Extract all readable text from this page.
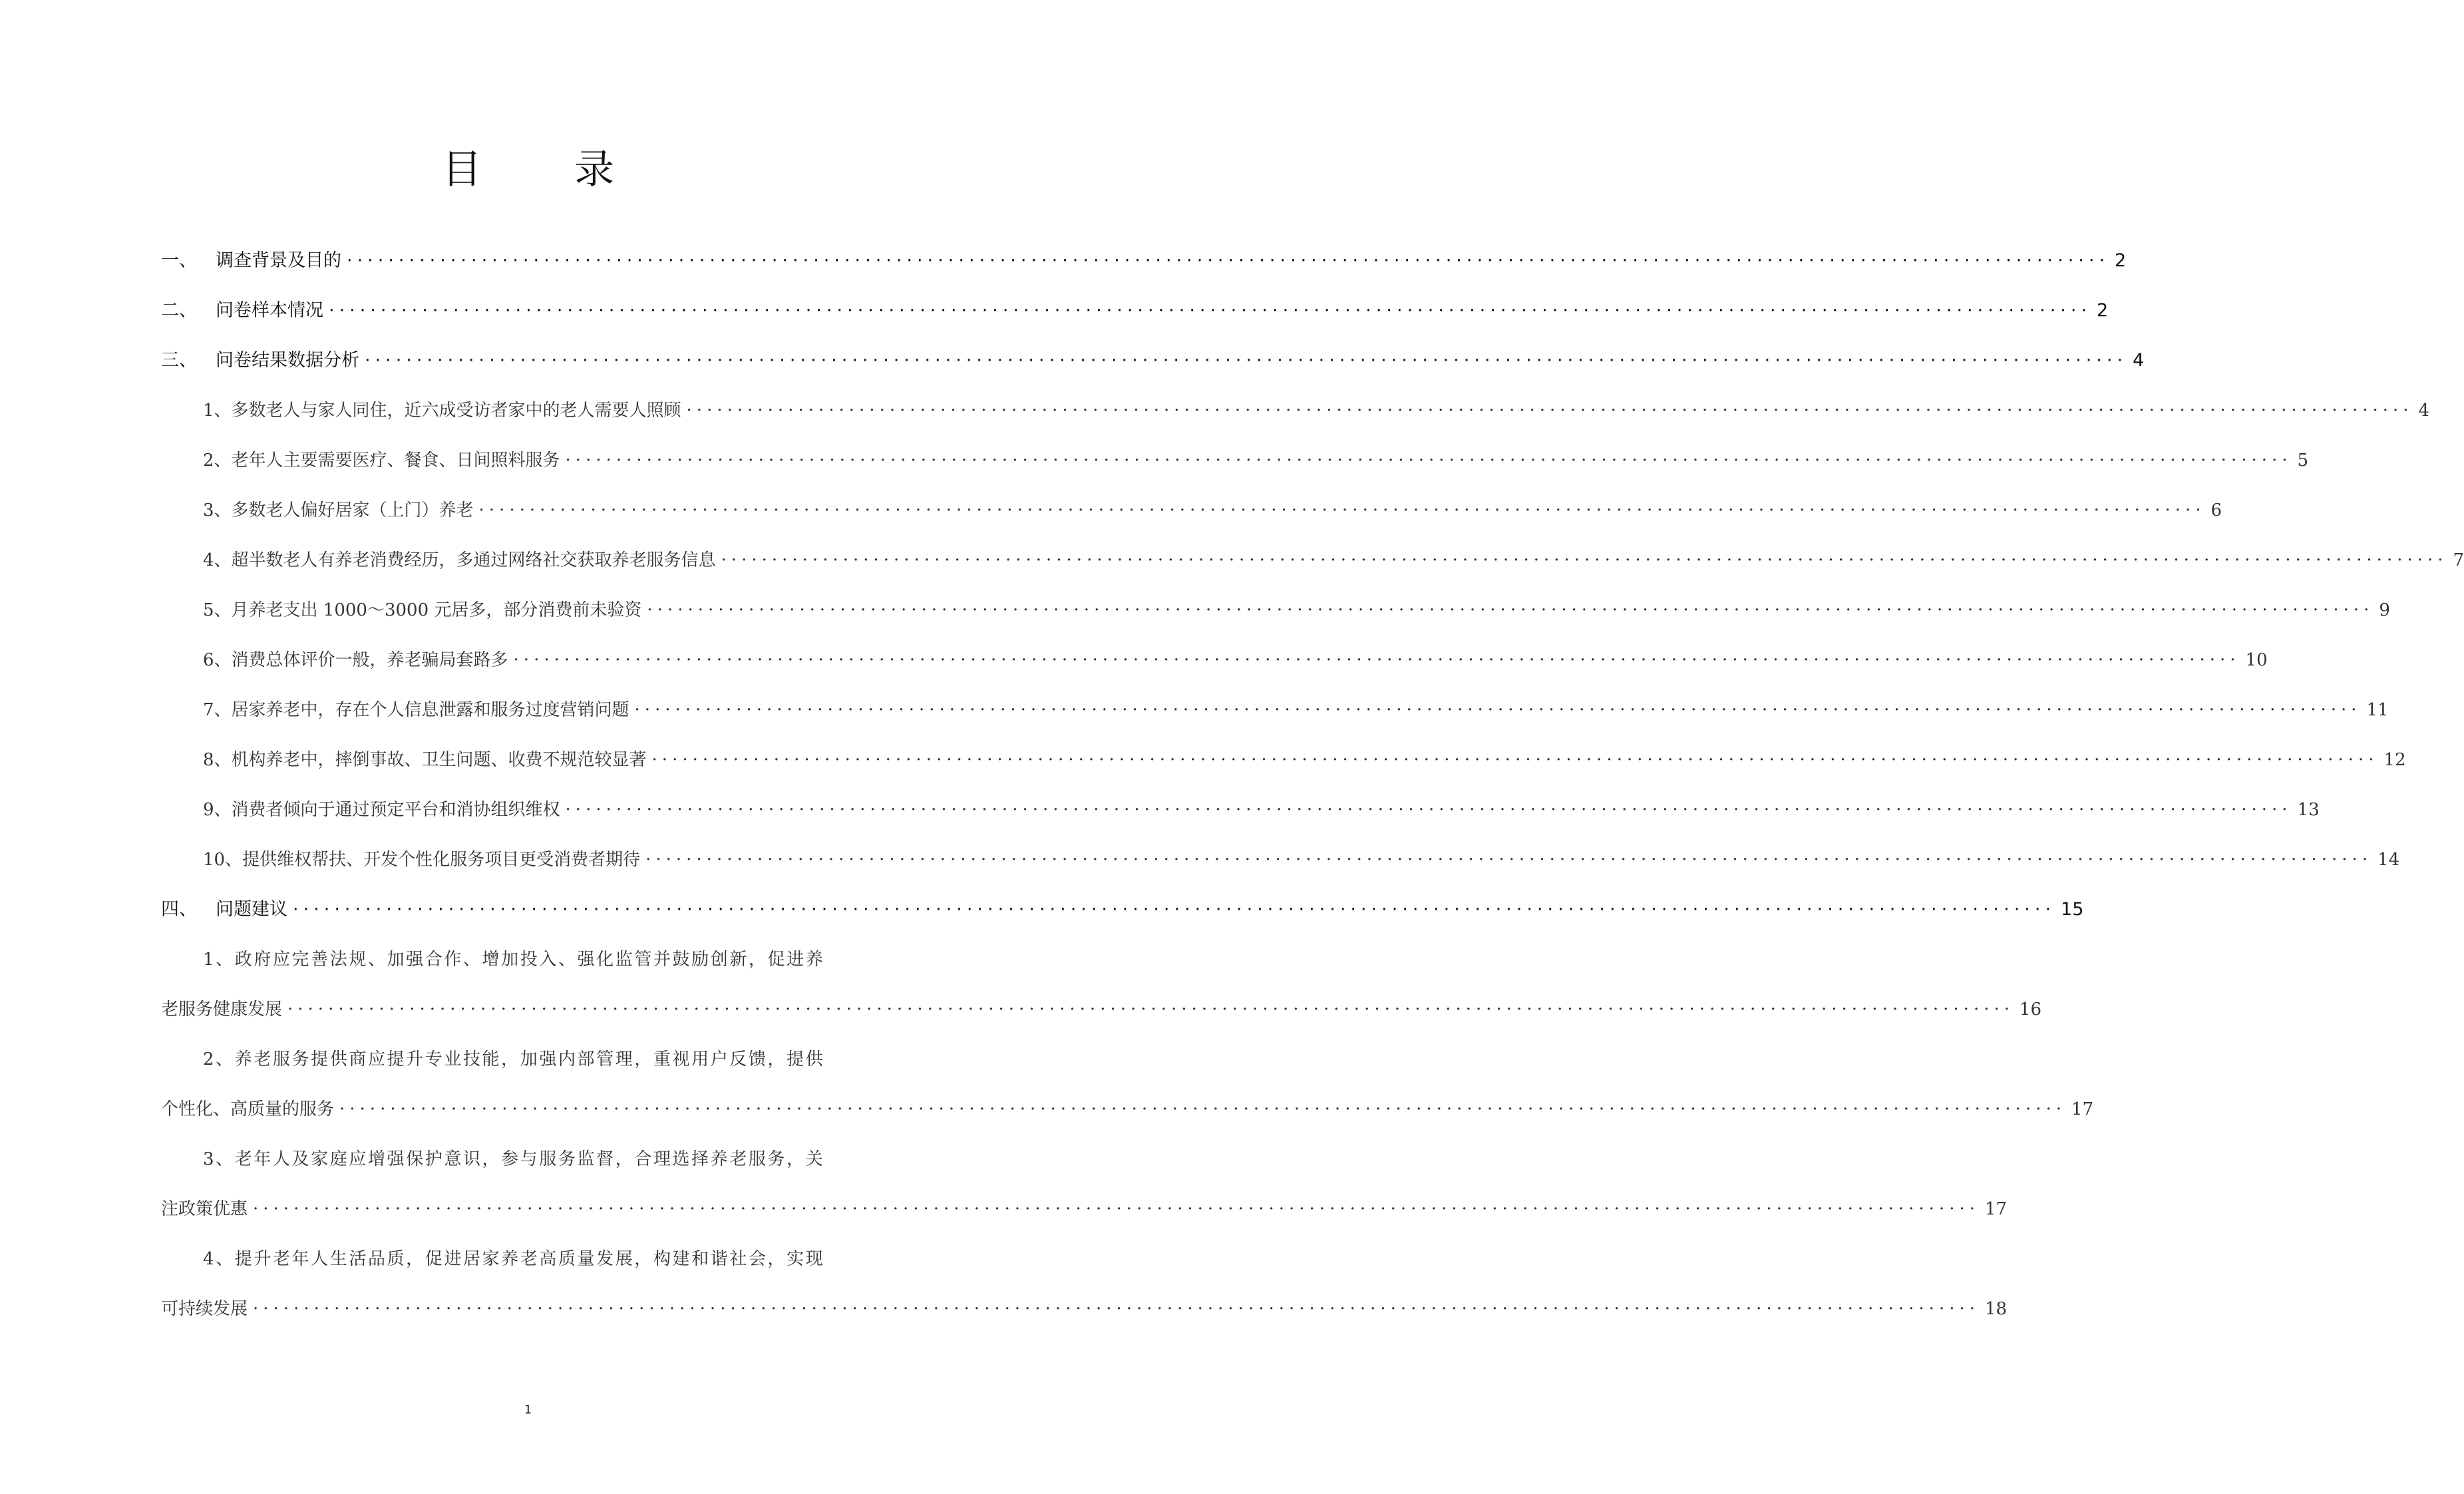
目 录
一、 调查背景及目的 ·········································································································································································· 2
二、 问卷样本情况 ·········································································································································································· 2
三、 问卷结果数据分析 ·········································································································································································· 4
1、多数老人与家人同住，近六成受访者家中的老人需要人照顾 ·········································································································································································· 4
2、老年人主要需要医疗、餐食、日间照料服务 ·········································································································································································· 5
3、多数老人偏好居家（上门）养老 ·········································································································································································· 6
4、超半数老人有养老消费经历，多通过网络社交获取养老服务信息 ·········································································································································································· 7
5、月养老支出 1000～3000 元居多，部分消费前未验资 ·········································································································································································· 9
6、消费总体评价一般，养老骗局套路多 ·········································································································································································· 10
7、居家养老中，存在个人信息泄露和服务过度营销问题 ·········································································································································································· 11
8、机构养老中，摔倒事故、卫生问题、收费不规范较显著 ·········································································································································································· 12
9、消费者倾向于通过预定平台和消协组织维权 ·········································································································································································· 13
10、提供维权帮扶、开发个性化服务项目更受消费者期待 ·········································································································································································· 14
四、 问题建议 ·········································································································································································· 15
1、政府应完善法规、加强合作、增加投入、强化监管并鼓励创新，促进养
老服务健康发展 ·········································································································································································· 16
2、养老服务提供商应提升专业技能，加强内部管理，重视用户反馈，提供
个性化、高质量的服务 ·········································································································································································· 17
3、老年人及家庭应增强保护意识，参与服务监督，合理选择养老服务，关
注政策优惠 ·········································································································································································· 17
4、提升老年人生活品质，促进居家养老高质量发展，构建和谐社会，实现
可持续发展 ·········································································································································································· 18
1
